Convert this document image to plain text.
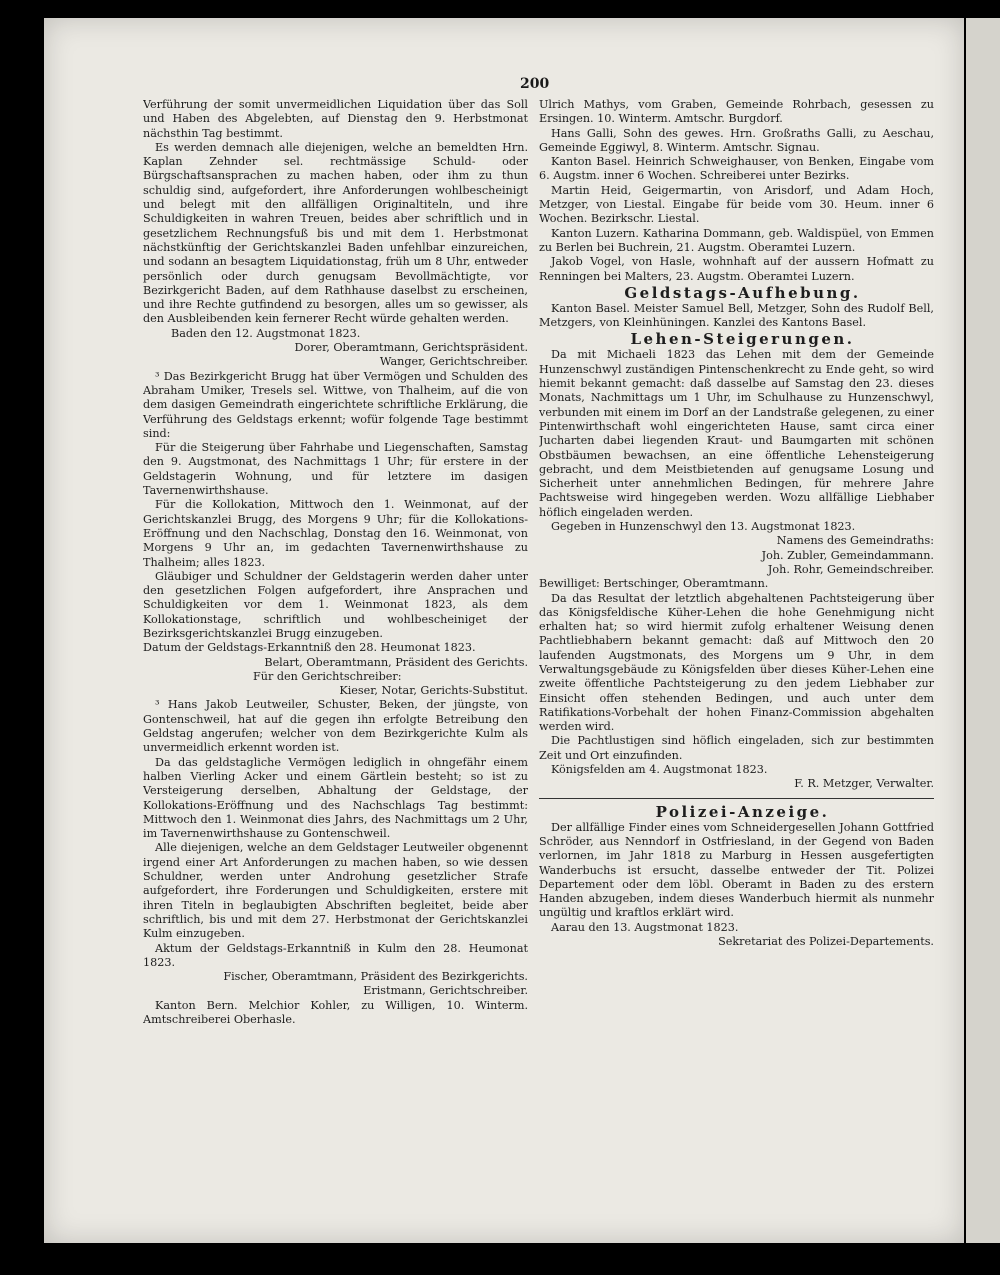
200

Verführung der somit unvermeidlichen Liquidation über das Soll und Haben des Abgelebten, auf Dienstag den 9. Herbstmonat nächsthin Tag bestimmt.

Es werden demnach alle diejenigen, welche an bemeldten Hrn. Kaplan Zehnder sel. rechtmässige Schuld- oder Bürgschaftsansprachen zu machen haben, oder ihm zu thun schuldig sind, aufgefordert, ihre Anforderungen wohlbescheinigt und belegt mit den allfälligen Originaltiteln, und ihre Schuldigkeiten in wahren Treuen, beides aber schriftlich und in gesetzlichem Rechnungsfuß bis und mit dem 1. Herbstmonat nächstkünftig der Gerichtskanzlei Baden unfehlbar einzureichen, und sodann an besagtem Liquidationstag, früh um 8 Uhr, entweder persönlich oder durch genugsam Bevollmächtigte, vor Bezirkgericht Baden, auf dem Rathhause daselbst zu erscheinen, und ihre Rechte gutfindend zu besorgen, alles um so gewisser, als den Ausbleibenden kein fernerer Recht würde gehalten werden.

Baden den 12. Augstmonat 1823.

Dorer, Oberamtmann, Gerichtspräsident.

Wanger, Gerichtschreiber.

³ Das Bezirkgericht Brugg hat über Vermögen und Schulden des Abraham Umiker, Tresels sel. Wittwe, von Thalheim, auf die von dem dasigen Gemeindrath eingerichtete schriftliche Erklärung, die Verführung des Geldstags erkennt; wofür folgende Tage bestimmt sind:

Für die Steigerung über Fahrhabe und Liegenschaften, Samstag den 9. Augstmonat, des Nachmittags 1 Uhr; für erstere in der Geldstagerin Wohnung, und für letztere im dasigen Tavernenwirthshause.

Für die Kollokation, Mittwoch den 1. Weinmonat, auf der Gerichtskanzlei Brugg, des Morgens 9 Uhr; für die Kollokations-Eröffnung und den Nachschlag, Donstag den 16. Weinmonat, von Morgens 9 Uhr an, im gedachten Tavernenwirthshause zu Thalheim; alles 1823.

Gläubiger und Schuldner der Geldstagerin werden daher unter den gesetzlichen Folgen aufgefordert, ihre Ansprachen und Schuldigkeiten vor dem 1. Weinmonat 1823, als dem Kollokationstage, schriftlich und wohlbescheiniget der Bezirksgerichtskanzlei Brugg einzugeben.

Datum der Geldstags-Erkanntniß den 28. Heumonat 1823.

Belart, Oberamtmann, Präsident des Gerichts.

Für den Gerichtschreiber:

Kieser, Notar, Gerichts-Substitut.

³ Hans Jakob Leutweiler, Schuster, Beken, der jüngste, von Gontenschweil, hat auf die gegen ihn erfolgte Betreibung den Geldstag angerufen; welcher von dem Bezirkgerichte Kulm als unvermeidlich erkennt worden ist.

Da das geldstagliche Vermögen lediglich in ohngefähr einem halben Vierling Acker und einem Gärtlein besteht; so ist zu Versteigerung derselben, Abhaltung der Geldstage, der Kollokations-Eröffnung und des Nachschlags Tag bestimmt: Mittwoch den 1. Weinmonat dies Jahrs, des Nachmittags um 2 Uhr, im Tavernenwirthshause zu Gontenschweil.

Alle diejenigen, welche an dem Geldstager Leutweiler obgenennt irgend einer Art Anforderungen zu machen haben, so wie dessen Schuldner, werden unter Androhung gesetzlicher Strafe aufgefordert, ihre Forderungen und Schuldigkeiten, erstere mit ihren Titeln in beglaubigten Abschriften begleitet, beide aber schriftlich, bis und mit dem 27. Herbstmonat der Gerichtskanzlei Kulm einzugeben.

Aktum der Geldstags-Erkanntniß in Kulm den 28. Heumonat 1823.

Fischer, Oberamtmann, Präsident des Bezirkgerichts.

Eristmann, Gerichtschreiber.

Kanton Bern. Melchior Kohler, zu Willigen, 10. Winterm. Amtschreiberei Oberhasle.

Ulrich Mathys, vom Graben, Gemeinde Rohrbach, gesessen zu Ersingen. 10. Winterm. Amtschr. Burgdorf.

Hans Galli, Sohn des gewes. Hrn. Großraths Galli, zu Aeschau, Gemeinde Eggiwyl, 8. Winterm. Amtschr. Signau.

Kanton Basel. Heinrich Schweighauser, von Benken, Eingabe vom 6. Augstm. inner 6 Wochen. Schreiberei unter Bezirks.

Martin Heid, Geigermartin, von Arisdorf, und Adam Hoch, Metzger, von Liestal. Eingabe für beide vom 30. Heum. inner 6 Wochen. Bezirkschr. Liestal.

Kanton Luzern. Katharina Dommann, geb. Waldispüel, von Emmen zu Berlen bei Buchrein, 21. Augstm. Oberamtei Luzern.

Jakob Vogel, von Hasle, wohnhaft auf der aussern Hofmatt zu Renningen bei Malters, 23. Augstm. Oberamtei Luzern.

Geldstags-Aufhebung.

Kanton Basel. Meister Samuel Bell, Metzger, Sohn des Rudolf Bell, Metzgers, von Kleinhüningen. Kanzlei des Kantons Basel.

Lehen-Steigerungen.

Da mit Michaeli 1823 das Lehen mit dem der Gemeinde Hunzenschwyl zuständigen Pintenschenkrecht zu Ende geht, so wird hiemit bekannt gemacht: daß dasselbe auf Samstag den 23. dieses Monats, Nachmittags um 1 Uhr, im Schulhause zu Hunzenschwyl, verbunden mit einem im Dorf an der Landstraße gelegenen, zu einer Pintenwirthschaft wohl eingerichteten Hause, samt circa einer Jucharten dabei liegenden Kraut- und Baumgarten mit schönen Obstbäumen bewachsen, an eine öffentliche Lehensteigerung gebracht, und dem Meistbietenden auf genugsame Losung und Sicherheit unter annehmlichen Bedingen, für mehrere Jahre Pachtsweise wird hingegeben werden. Wozu allfällige Liebhaber höflich eingeladen werden.

Gegeben in Hunzenschwyl den 13. Augstmonat 1823.

Namens des Gemeindraths:

Joh. Zubler, Gemeindammann.

Joh. Rohr, Gemeindschreiber.

Bewilliget: Bertschinger, Oberamtmann.

Da das Resultat der letztlich abgehaltenen Pachtsteigerung über das Königsfeldische Küher-Lehen die hohe Genehmigung nicht erhalten hat; so wird hiermit zufolg erhaltener Weisung denen Pachtliebhabern bekannt gemacht: daß auf Mittwoch den 20 laufenden Augstmonats, des Morgens um 9 Uhr, in dem Verwaltungsgebäude zu Königsfelden über dieses Küher-Lehen eine zweite öffentliche Pachtsteigerung zu den jedem Liebhaber zur Einsicht offen stehenden Bedingen, und auch unter dem Ratifikations-Vorbehalt der hohen Finanz-Commission abgehalten werden wird.

Die Pachtlustigen sind höflich eingeladen, sich zur bestimmten Zeit und Ort einzufinden.

Königsfelden am 4. Augstmonat 1823.

F. R. Metzger, Verwalter.

Polizei-Anzeige.

Der allfällige Finder eines vom Schneidergesellen Johann Gottfried Schröder, aus Nenndorf in Ostfriesland, in der Gegend von Baden verlornen, im Jahr 1818 zu Marburg in Hessen ausgefertigten Wanderbuchs ist ersucht, dasselbe entweder der Tit. Polizei Departement oder dem löbl. Oberamt in Baden zu des erstern Handen abzugeben, indem dieses Wanderbuch hiermit als nunmehr ungültig und kraftlos erklärt wird.

Aarau den 13. Augstmonat 1823.

Sekretariat des Polizei-Departements.
